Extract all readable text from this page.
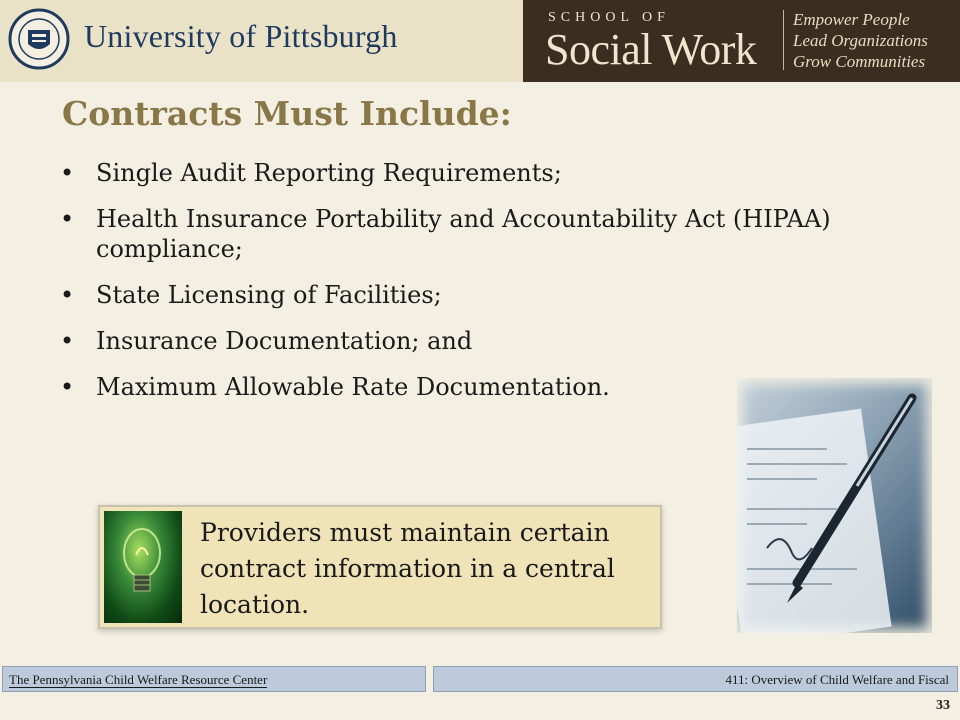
University of Pittsburgh
SCHOOL OF
Social Work
Empower People
Lead Organizations
Grow Communities
Contracts Must Include:
• Single Audit Reporting Requirements;
• Health Insurance Portability and Accountability Act (HIPAA) compliance;
• State Licensing of Facilities;
• Insurance Documentation; and
• Maximum Allowable Rate Documentation.
Providers must maintain certain contract information in a central location.
The Pennsylvania Child Welfare Resource Center	411: Overview of Child Welfare and Fiscal
33
